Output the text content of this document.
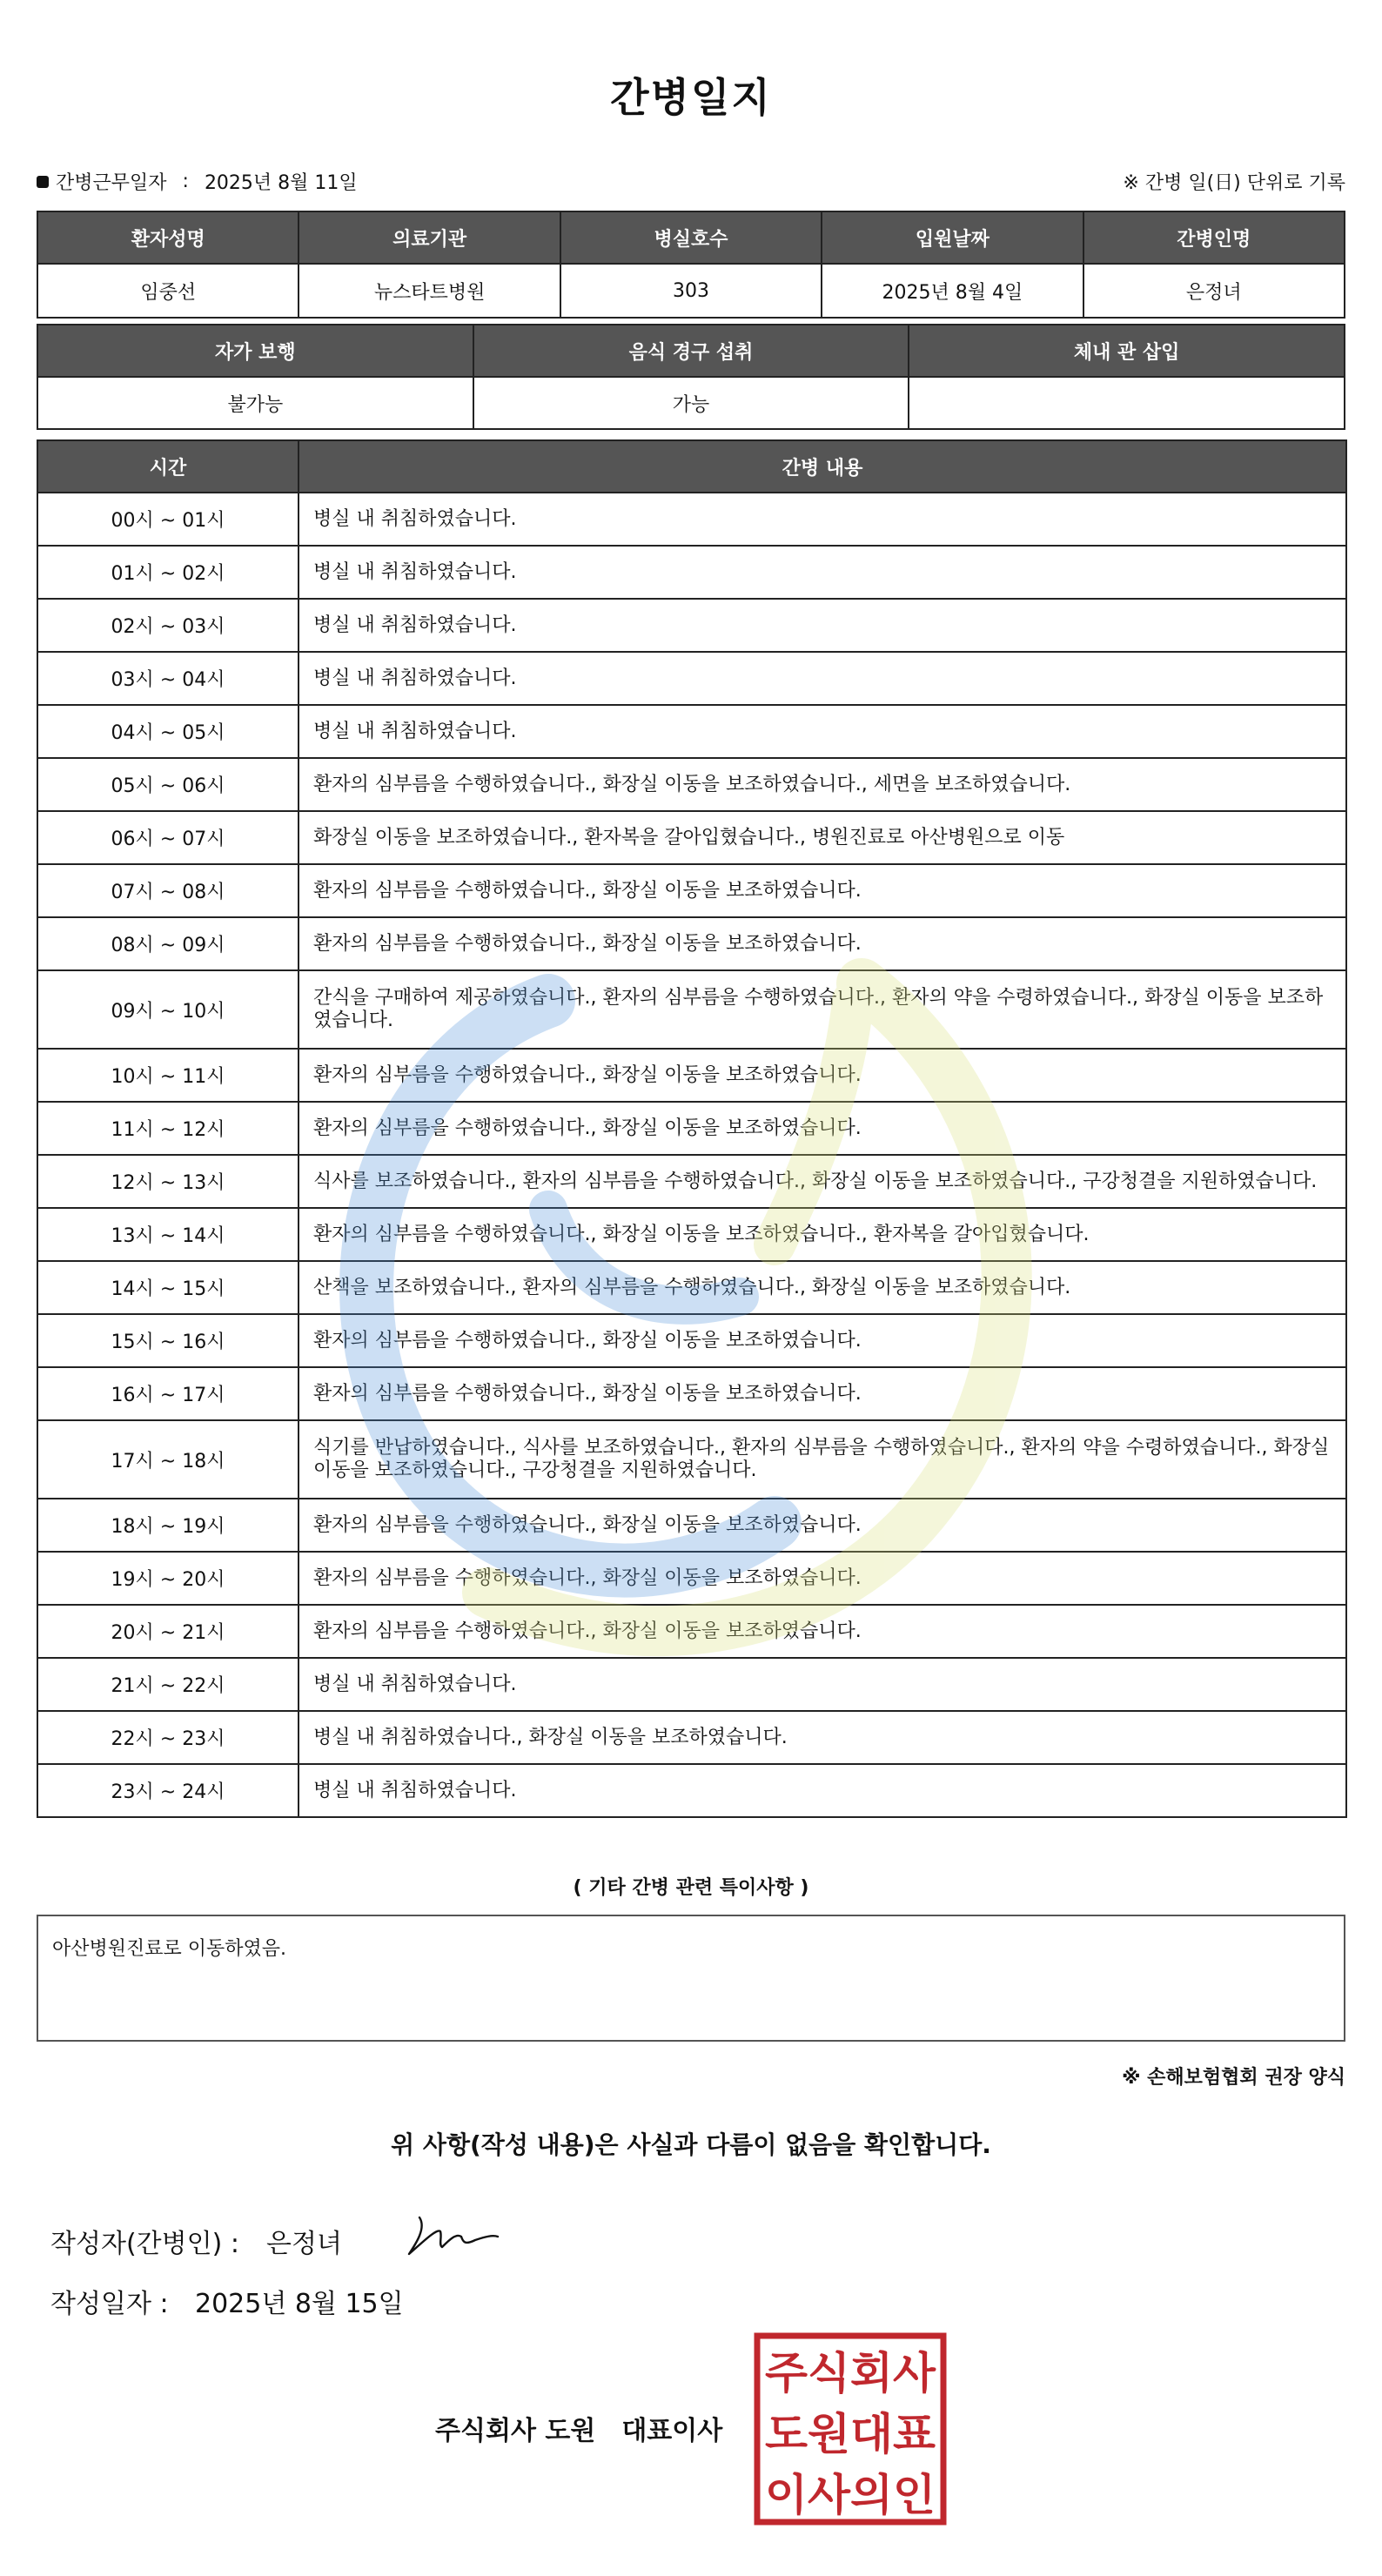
간병일지
간병근무일자 : 2025년 8월 11일	※ 간병 일(日) 단위로 기록
환자성명	의료기관	병실호수	입원날짜	간병인명
임중선	뉴스타트병원	303	2025년 8월 4일	은정녀
자가 보행	음식 경구 섭취	체내 관 삽입
불가능	가능	
시간	간병 내용
00시 ~ 01시	병실 내 취침하였습니다.
01시 ~ 02시	병실 내 취침하였습니다.
02시 ~ 03시	병실 내 취침하였습니다.
03시 ~ 04시	병실 내 취침하였습니다.
04시 ~ 05시	병실 내 취침하였습니다.
05시 ~ 06시	환자의 심부름을 수행하였습니다., 화장실 이동을 보조하였습니다., 세면을 보조하였습니다.
06시 ~ 07시	화장실 이동을 보조하였습니다., 환자복을 갈아입혔습니다., 병원진료로 아산병원으로 이동
07시 ~ 08시	환자의 심부름을 수행하였습니다., 화장실 이동을 보조하였습니다.
08시 ~ 09시	환자의 심부름을 수행하였습니다., 화장실 이동을 보조하였습니다.
09시 ~ 10시	간식을 구매하여 제공하였습니다., 환자의 심부름을 수행하였습니다., 환자의 약을 수령하였습니다., 화장실 이동을 보조하였습니다.
10시 ~ 11시	환자의 심부름을 수행하였습니다., 화장실 이동을 보조하였습니다.
11시 ~ 12시	환자의 심부름을 수행하였습니다., 화장실 이동을 보조하였습니다.
12시 ~ 13시	식사를 보조하였습니다., 환자의 심부름을 수행하였습니다., 화장실 이동을 보조하였습니다., 구강청결을 지원하였습니다.
13시 ~ 14시	환자의 심부름을 수행하였습니다., 화장실 이동을 보조하였습니다., 환자복을 갈아입혔습니다.
14시 ~ 15시	산책을 보조하였습니다., 환자의 심부름을 수행하였습니다., 화장실 이동을 보조하였습니다.
15시 ~ 16시	환자의 심부름을 수행하였습니다., 화장실 이동을 보조하였습니다.
16시 ~ 17시	환자의 심부름을 수행하였습니다., 화장실 이동을 보조하였습니다.
17시 ~ 18시	식기를 반납하였습니다., 식사를 보조하였습니다., 환자의 심부름을 수행하였습니다., 환자의 약을 수령하였습니다., 화장실 이동을 보조하였습니다., 구강청결을 지원하였습니다.
18시 ~ 19시	환자의 심부름을 수행하였습니다., 화장실 이동을 보조하였습니다.
19시 ~ 20시	환자의 심부름을 수행하였습니다., 화장실 이동을 보조하였습니다.
20시 ~ 21시	환자의 심부름을 수행하였습니다., 화장실 이동을 보조하였습니다.
21시 ~ 22시	병실 내 취침하였습니다.
22시 ~ 23시	병실 내 취침하였습니다., 화장실 이동을 보조하였습니다.
23시 ~ 24시	병실 내 취침하였습니다.
( 기타 간병 관련 특이사항 )
아산병원진료로 이동하였음.
※ 손해보험협회 권장 양식
위 사항(작성 내용)은 사실과 다름이 없음을 확인합니다.
작성자(간병인) : 은정녀
작성일자 : 2025년 8월 15일
주식회사 도원 대표이사
주식회사
도원대표
이사의인
